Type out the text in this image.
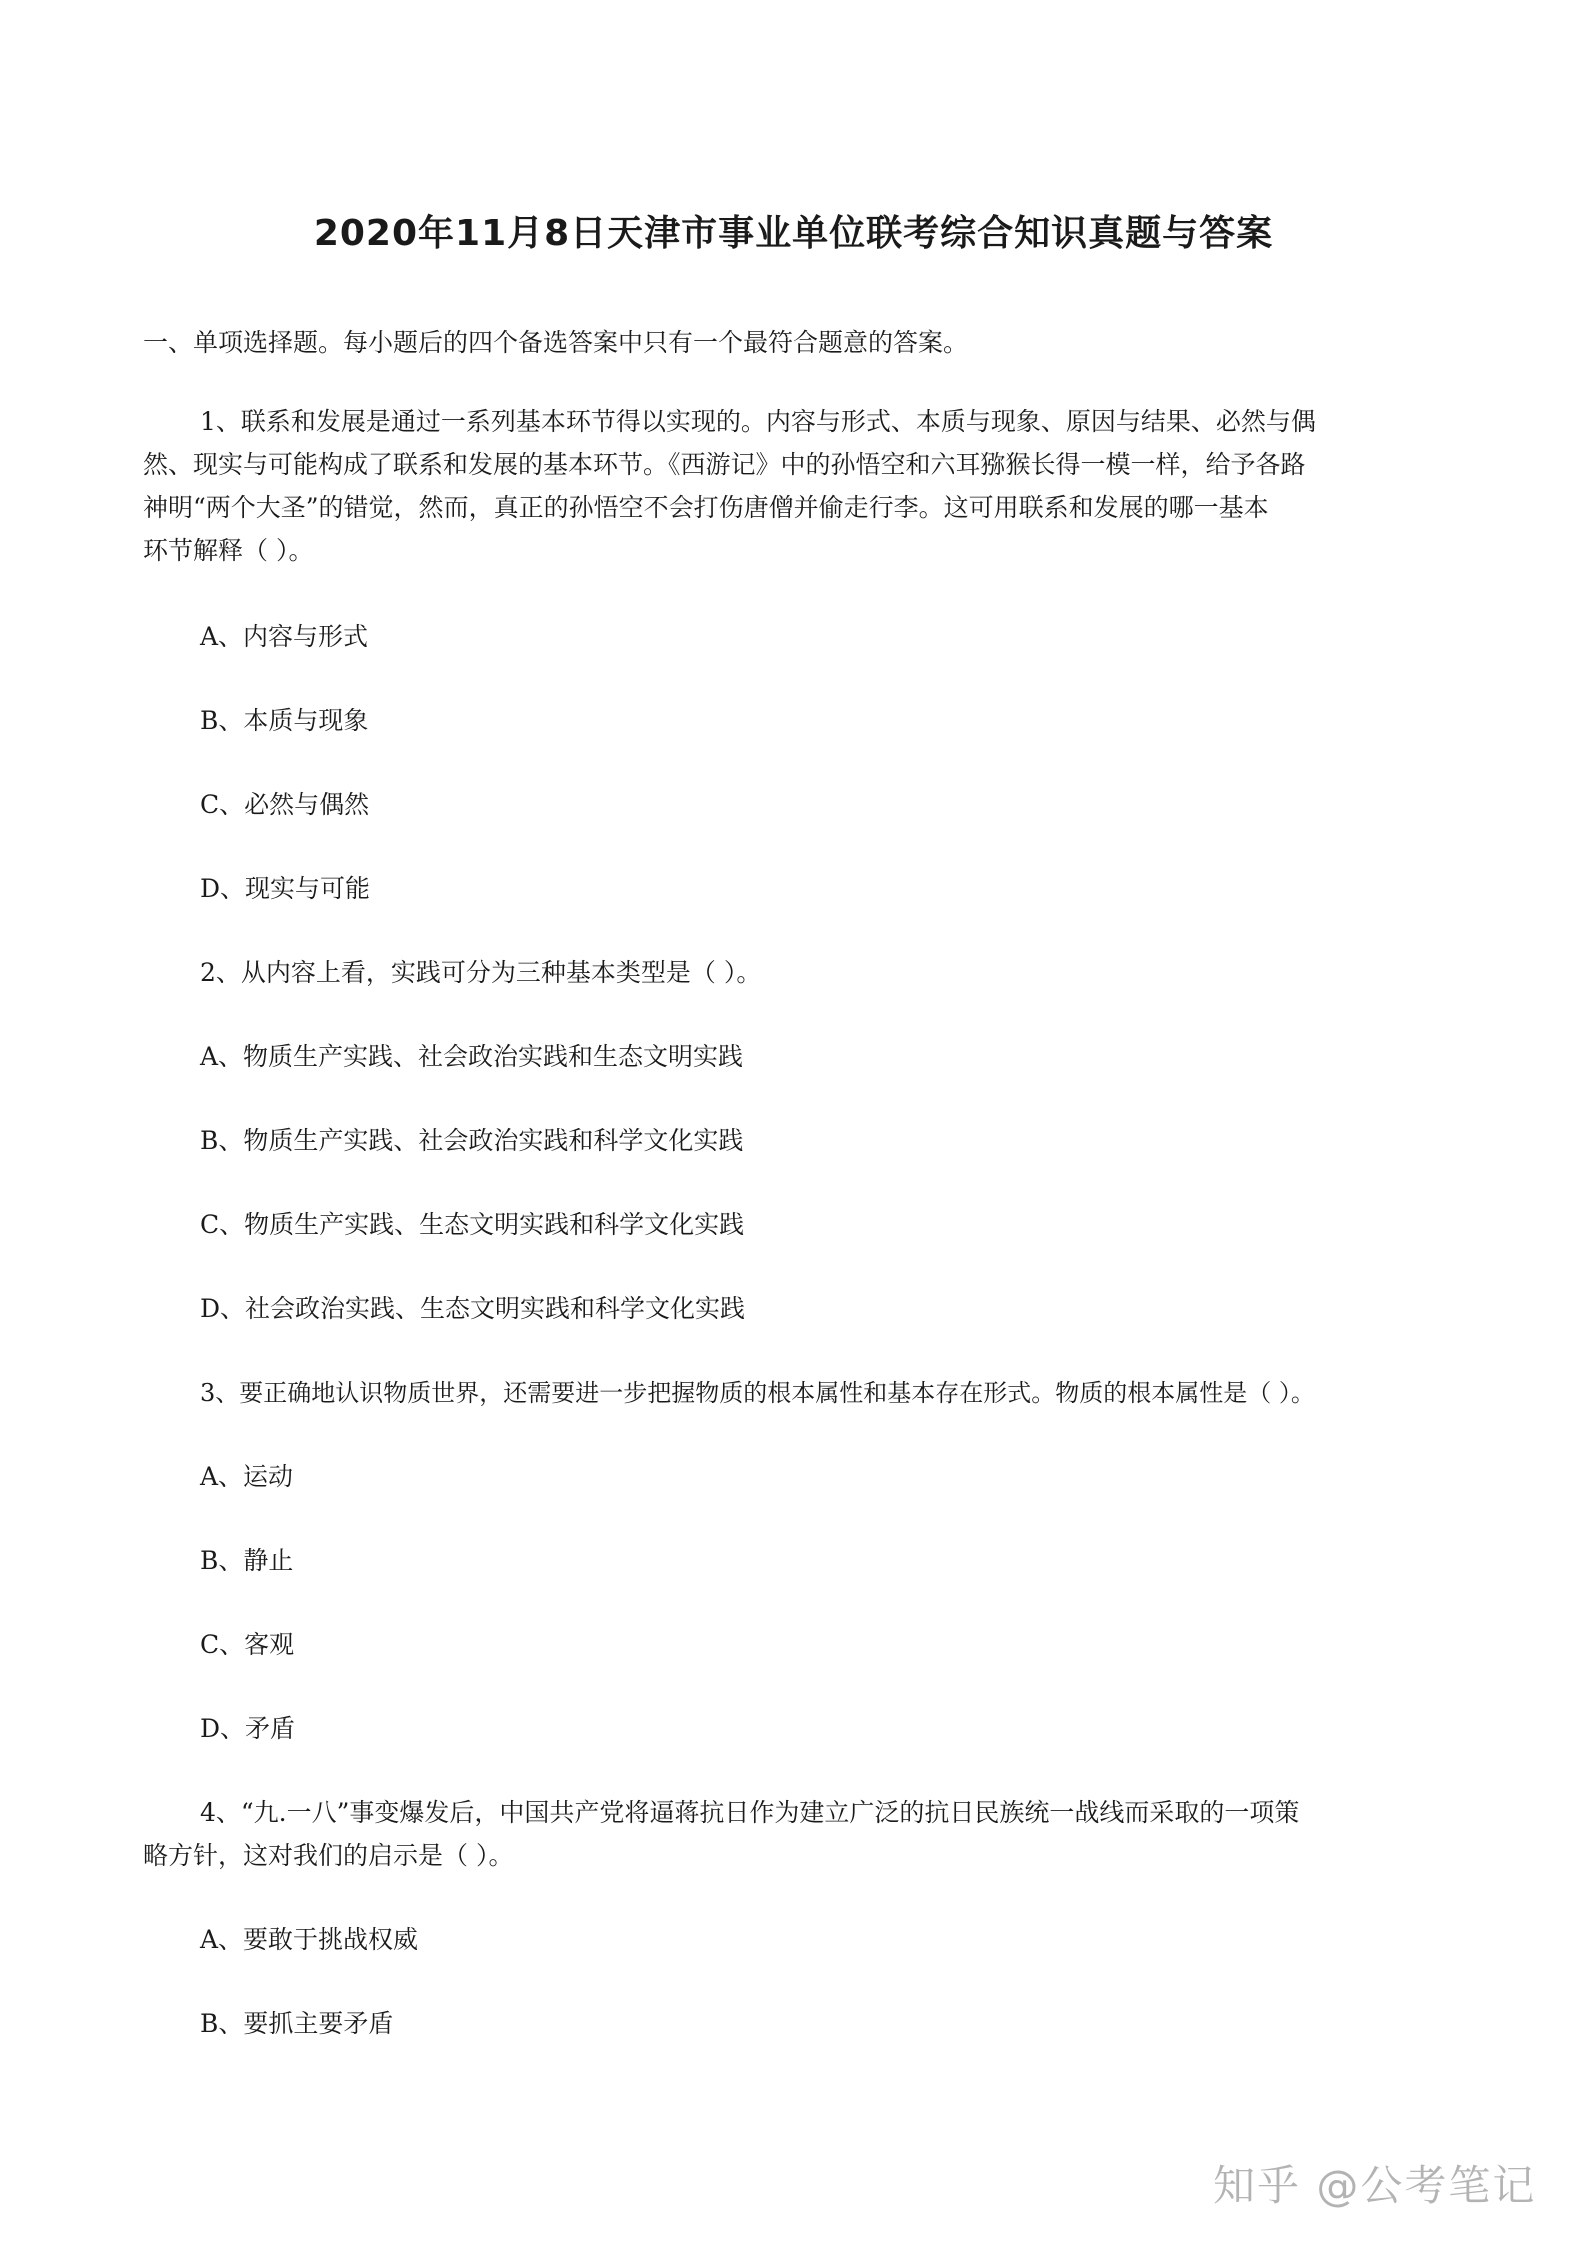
2020年11月8日天津市事业单位联考综合知识真题与答案

一、单项选择题。每小题后的四个备选答案中只有一个最符合题意的答案。

1、联系和发展是通过一系列基本环节得以实现的。内容与形式、本质与现象、原因与结果、必然与偶
然、现实与可能构成了联系和发展的基本环节。《西游记》中的孙悟空和六耳猕猴长得一模一样，给予各路
神明“两个大圣”的错觉，然而，真正的孙悟空不会打伤唐僧并偷走行李。这可用联系和发展的哪一基本
环节解释（ ）。

A、内容与形式

B、本质与现象

C、必然与偶然

D、现实与可能

2、从内容上看，实践可分为三种基本类型是（ ）。

A、物质生产实践、社会政治实践和生态文明实践

B、物质生产实践、社会政治实践和科学文化实践

C、物质生产实践、生态文明实践和科学文化实践

D、社会政治实践、生态文明实践和科学文化实践

3、要正确地认识物质世界，还需要进一步把握物质的根本属性和基本存在形式。物质的根本属性是（ ）。

A、运动

B、静止

C、客观

D、矛盾

4、“九.一八”事变爆发后，中国共产党将逼蒋抗日作为建立广泛的抗日民族统一战线而采取的一项策

略方针，这对我们的启示是（ ）。

A、要敢于挑战权威

B、要抓主要矛盾

知乎 @公考笔记
